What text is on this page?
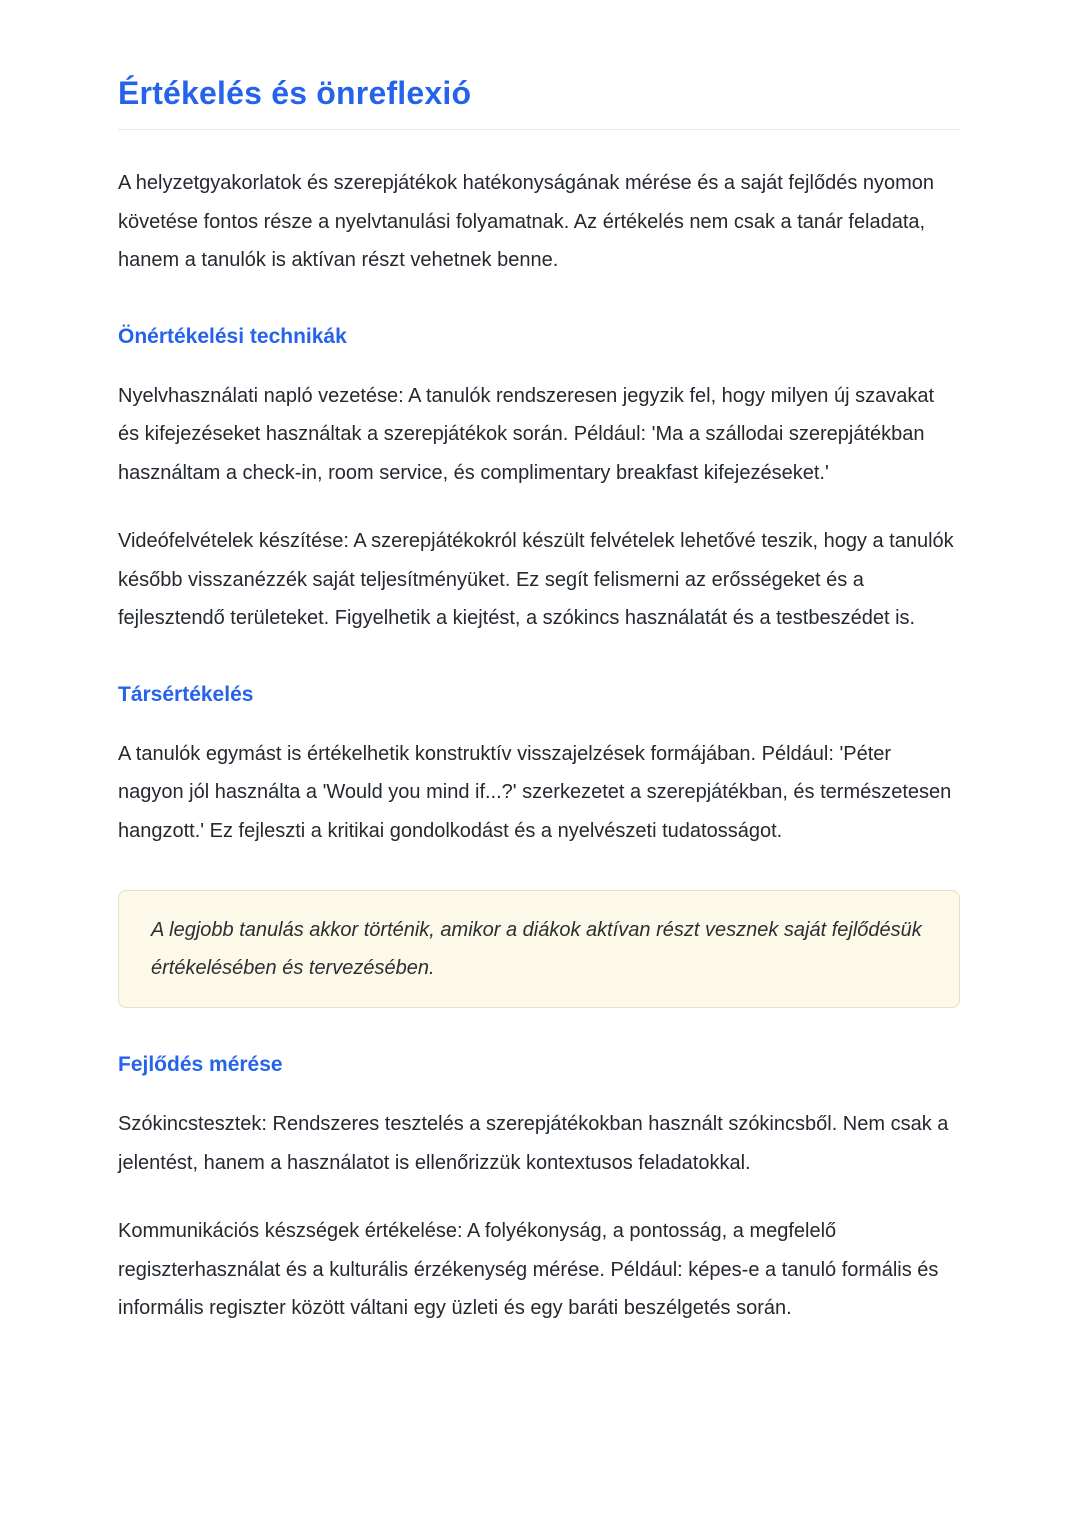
Értékelés és önreflexió

A helyzetgyakorlatok és szerepjátékok hatékonyságának mérése és a saját fejlődés nyomon követése fontos része a nyelvtanulási folyamatnak. Az értékelés nem csak a tanár feladata, hanem a tanulók is aktívan részt vehetnek benne.

Önértékelési technikák

Nyelvhasználati napló vezetése: A tanulók rendszeresen jegyzik fel, hogy milyen új szavakat és kifejezéseket használtak a szerepjátékok során. Például: 'Ma a szállodai szerepjátékban használtam a check-in, room service, és complimentary breakfast kifejezéseket.'

Videófelvételek készítése: A szerepjátékokról készült felvételek lehetővé teszik, hogy a tanulók később visszanézzék saját teljesítményüket. Ez segít felismerni az erősségeket és a fejlesztendő területeket. Figyelhetik a kiejtést, a szókincs használatát és a testbeszédet is.

Társértékelés

A tanulók egymást is értékelhetik konstruktív visszajelzések formájában. Például: 'Péter nagyon jól használta a 'Would you mind if...?' szerkezetet a szerepjátékban, és természetesen hangzott.' Ez fejleszti a kritikai gondolkodást és a nyelvészeti tudatosságot.

A legjobb tanulás akkor történik, amikor a diákok aktívan részt vesznek saját fejlődésük értékelésében és tervezésében.

Fejlődés mérése

Szókincstesztek: Rendszeres tesztelés a szerepjátékokban használt szókincsből. Nem csak a jelentést, hanem a használatot is ellenőrizzük kontextusos feladatokkal.

Kommunikációs készségek értékelése: A folyékonyság, a pontosság, a megfelelő regiszterhasználat és a kulturális érzékenység mérése. Például: képes-e a tanuló formális és informális regiszter között váltani egy üzleti és egy baráti beszélgetés során.
